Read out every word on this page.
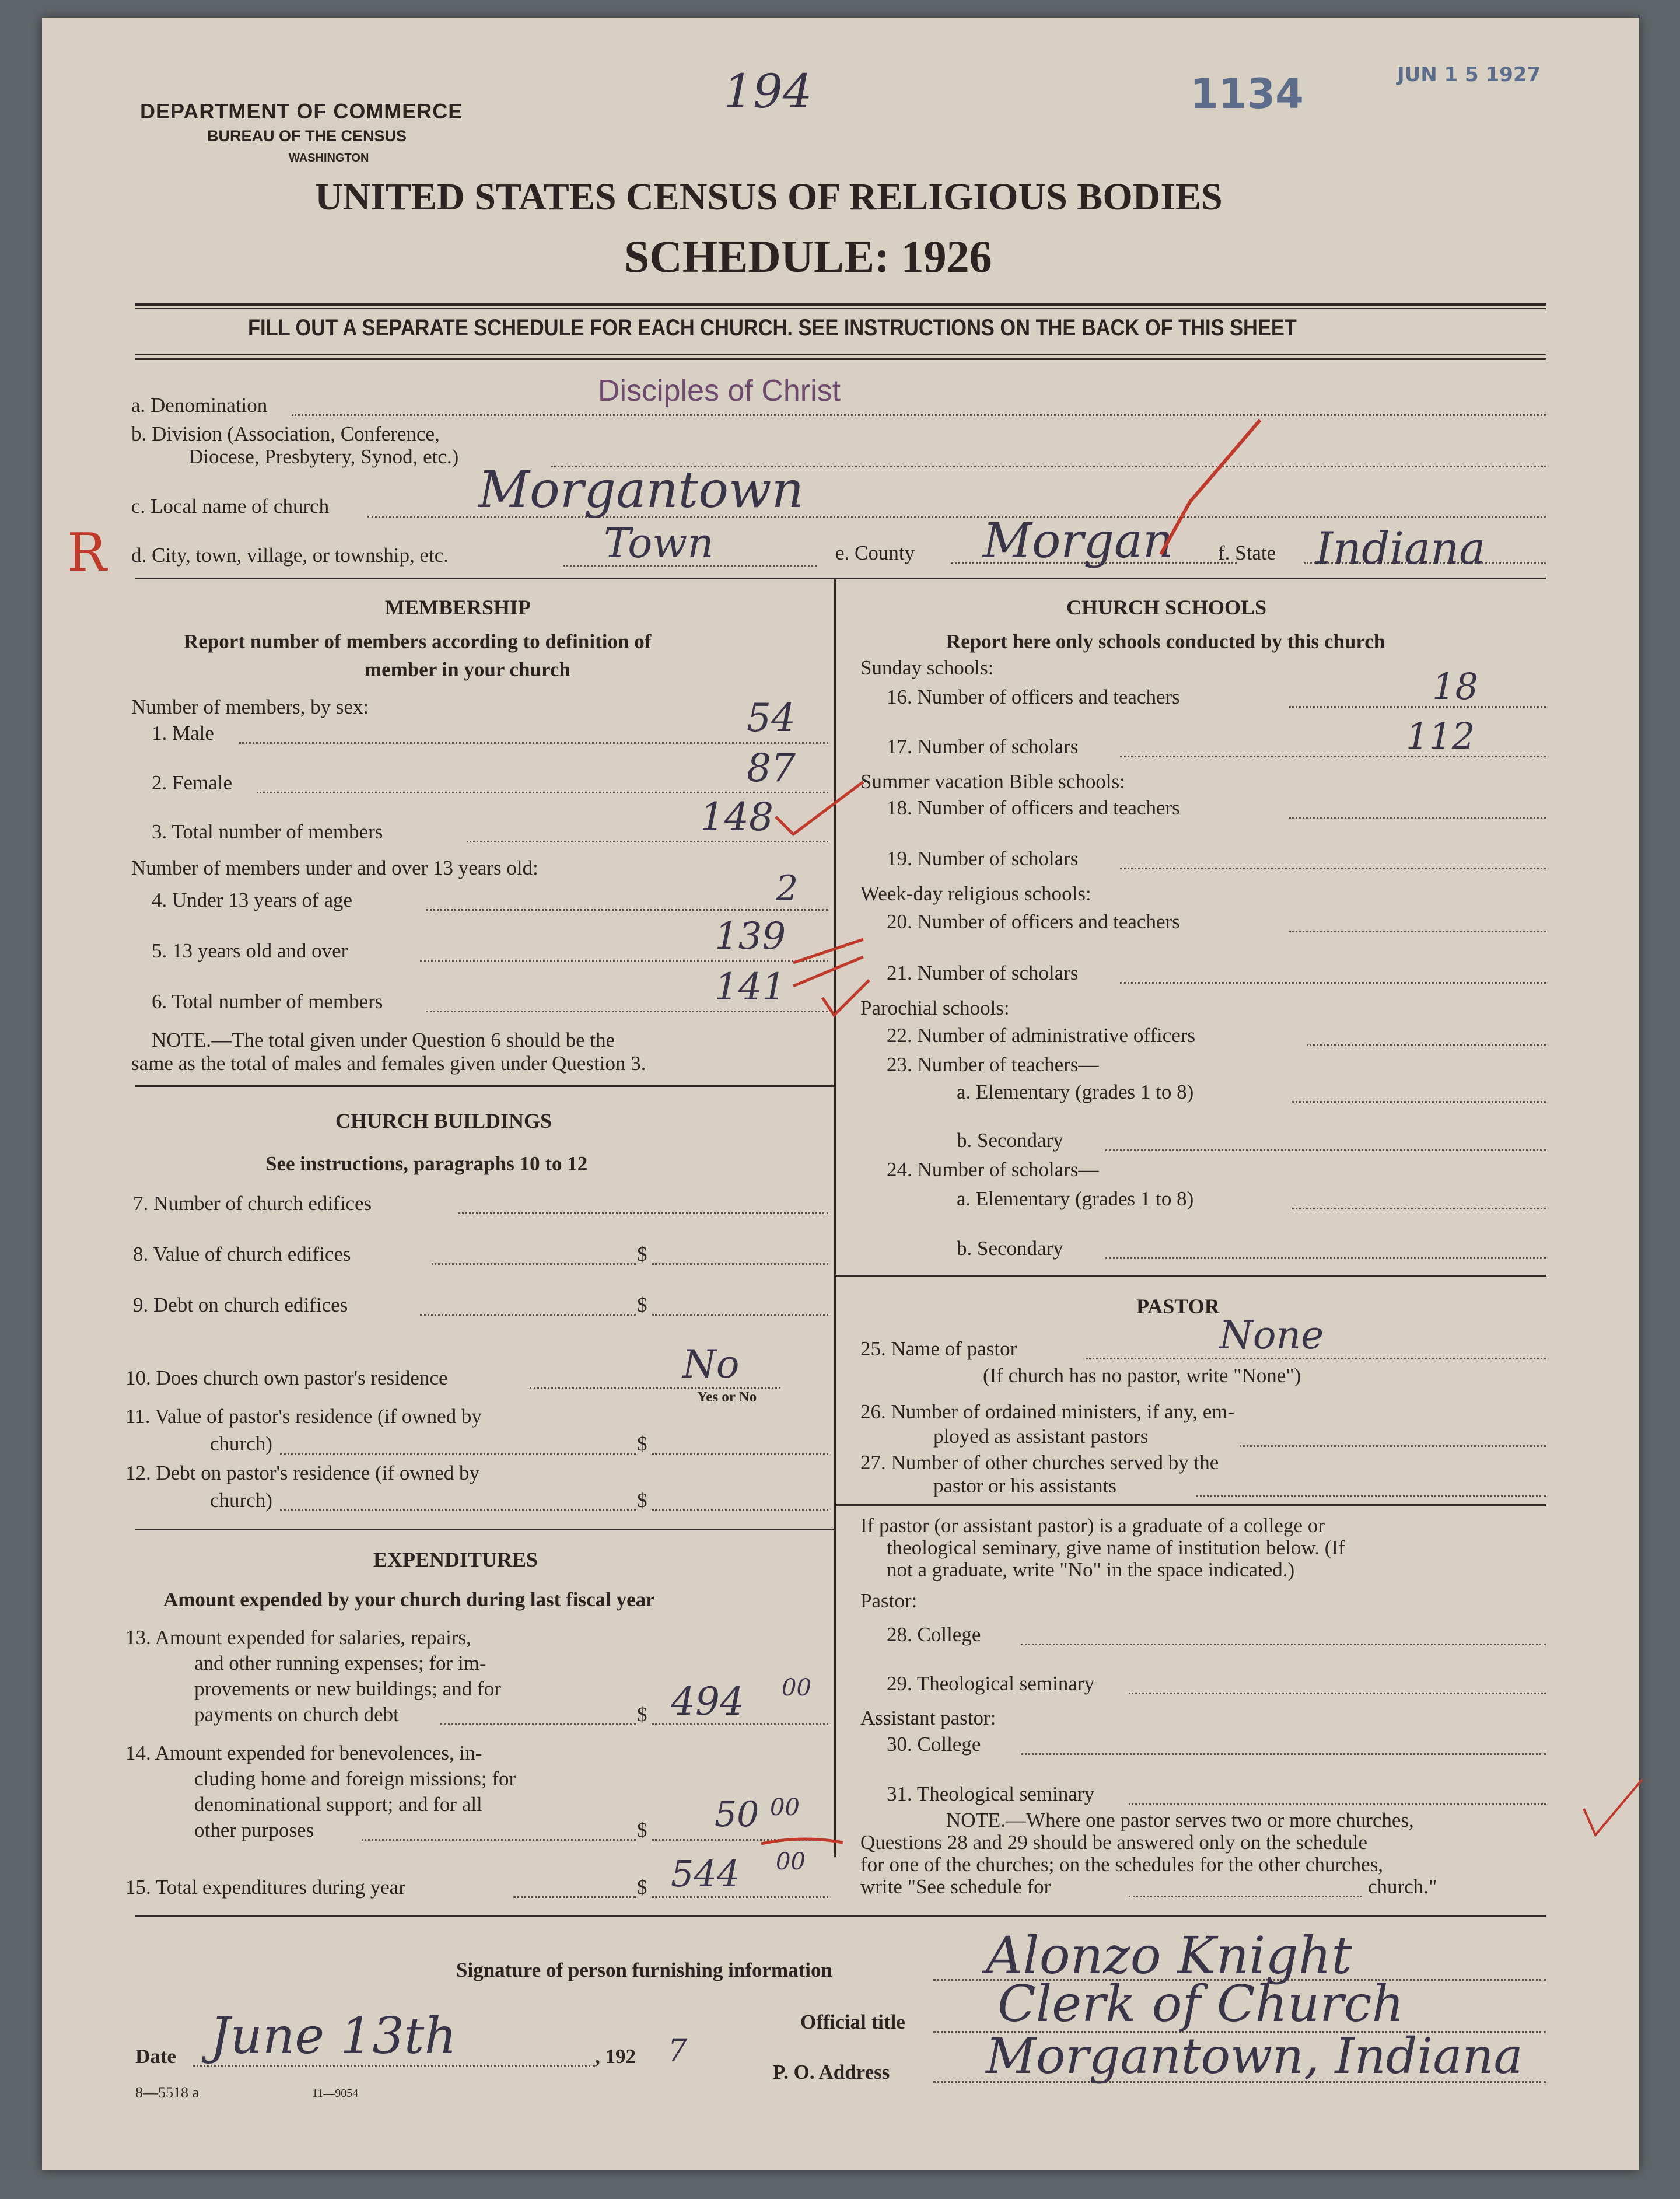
DEPARTMENT OF COMMERCE
BUREAU OF THE CENSUS
WASHINGTON
194	1134	JUN 1 5 1927
UNITED STATES CENSUS OF RELIGIOUS BODIES
SCHEDULE: 1926
FILL OUT A SEPARATE SCHEDULE FOR EACH CHURCH. SEE INSTRUCTIONS ON THE BACK OF THIS SHEET
a. Denomination	Disciples of Christ
b. Division (Association, Conference,
Diocese, Presbytery, Synod, etc.)
c. Local name of church	Morgantown
R d. City, town, village, or township, etc.	Town	e. County Morgan f. State Indiana
MEMBERSHIP
Report number of members according to definition of
member in your church
Number of members, by sex:
1. Male	54
2. Female	87
3. Total number of members	148
Number of members under and over 13 years old:
4. Under 13 years of age	2
5. 13 years old and over	139
6. Total number of members	141
NOTE.—The total given under Question 6 should be the
same as the total of males and females given under Question 3.
CHURCH BUILDINGS
See instructions, paragraphs 10 to 12
7. Number of church edifices
8. Value of church edifices	$
9. Debt on church edifices	$
10. Does church own pastor's residence	No
Yes or No
11. Value of pastor's residence (if owned by
church)	$
12. Debt on pastor's residence (if owned by
church)	$
EXPENDITURES
Amount expended by your church during last fiscal year
13. Amount expended for salaries, repairs,
and other running expenses; for im-
provements or new buildings; and for
payments on church debt	$ 494 00
14. Amount expended for benevolences, in-
cluding home and foreign missions; for
denominational support; and for all
other purposes	$ 50 00
15. Total expenditures during year	$ 544 00
CHURCH SCHOOLS
Report here only schools conducted by this church
Sunday schools:
16. Number of officers and teachers	18
17. Number of scholars	112
Summer vacation Bible schools:
18. Number of officers and teachers
19. Number of scholars
Week-day religious schools:
20. Number of officers and teachers
21. Number of scholars
Parochial schools:
22. Number of administrative officers
23. Number of teachers—
a. Elementary (grades 1 to 8)
b. Secondary
24. Number of scholars—
a. Elementary (grades 1 to 8)
b. Secondary
PASTOR
25. Name of pastor	None
(If church has no pastor, write "None")
26. Number of ordained ministers, if any, em-
ployed as assistant pastors
27. Number of other churches served by the
pastor or his assistants
If pastor (or assistant pastor) is a graduate of a college or
theological seminary, give name of institution below. (If
not a graduate, write "No" in the space indicated.)
Pastor:
28. College
29. Theological seminary
Assistant pastor:
30. College
31. Theological seminary
NOTE.—Where one pastor serves two or more churches,
Questions 28 and 29 should be answered only on the schedule
for one of the churches; on the schedules for the other churches,
write "See schedule for	church."
Signature of person furnishing information	Alonzo Knight
Official title Clerk of Church
Date June 13th	, 192 7
P. O. Address Morgantown, Indiana
8—5518 a	11—9054
